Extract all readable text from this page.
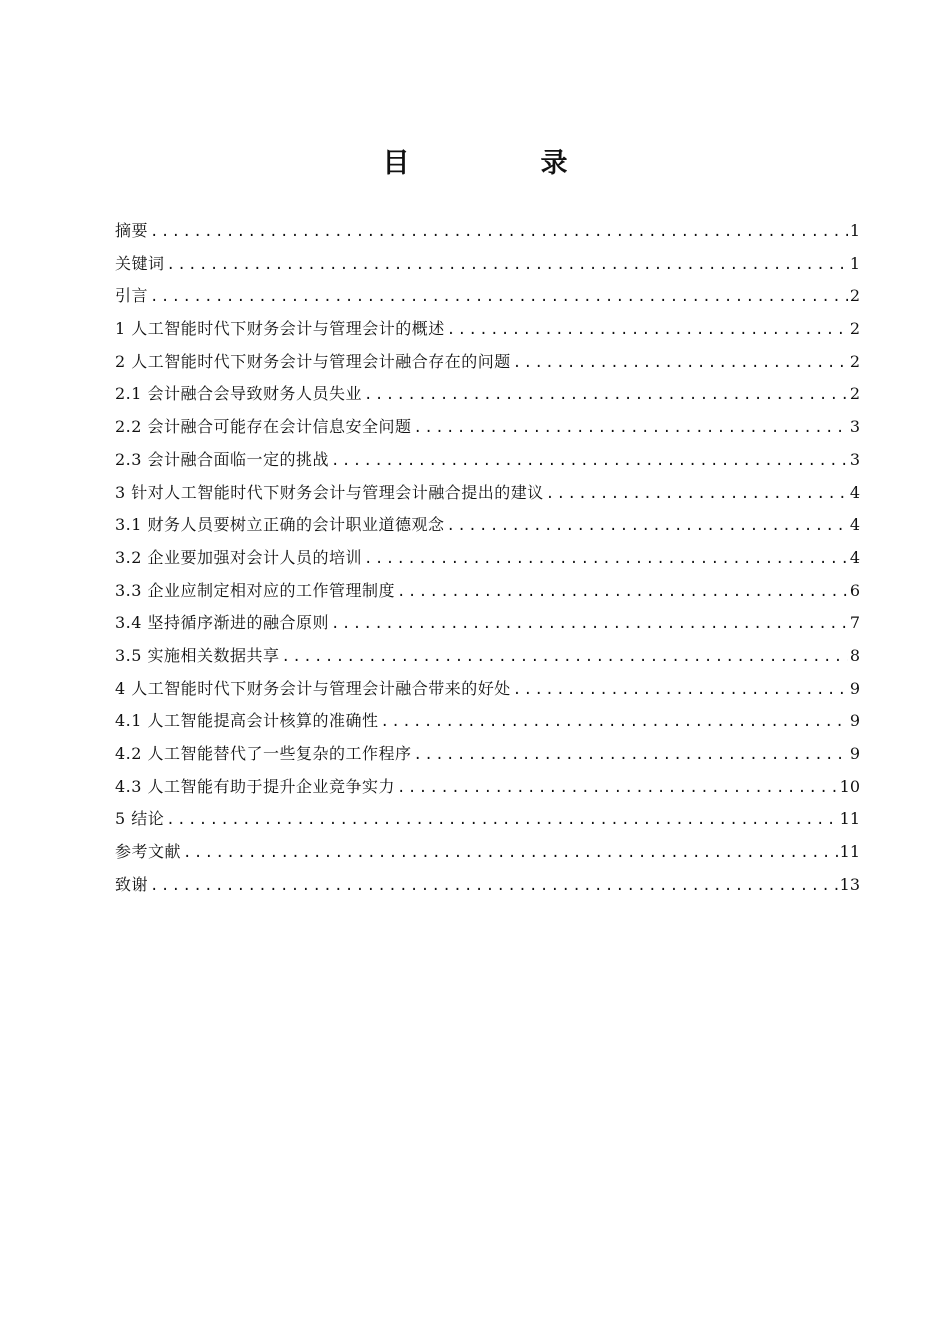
目　录
摘要 .....	1
关键词 .....	1
引言 .....	2
1 人工智能时代下财务会计与管理会计的概述 .....	2
2 人工智能时代下财务会计与管理会计融合存在的问题 .....	2
2.1 会计融合会导致财务人员失业 .....	2
2.2 会计融合可能存在会计信息安全问题 .....	3
2.3 会计融合面临一定的挑战 .....	3
3 针对人工智能时代下财务会计与管理会计融合提出的建议 .....	4
3.1 财务人员要树立正确的会计职业道德观念 .....	4
3.2 企业要加强对会计人员的培训 .....	4
3.3 企业应制定相对应的工作管理制度 .....	6
3.4 坚持循序渐进的融合原则 .....	7
3.5 实施相关数据共享 .....	8
4 人工智能时代下财务会计与管理会计融合带来的好处 .....	9
4.1 人工智能提高会计核算的准确性 .....	9
4.2 人工智能替代了一些复杂的工作程序 .....	9
4.3 人工智能有助于提升企业竞争实力 .....	10
5 结论 .....	11
参考文献 .....	11
致谢 .....	13
